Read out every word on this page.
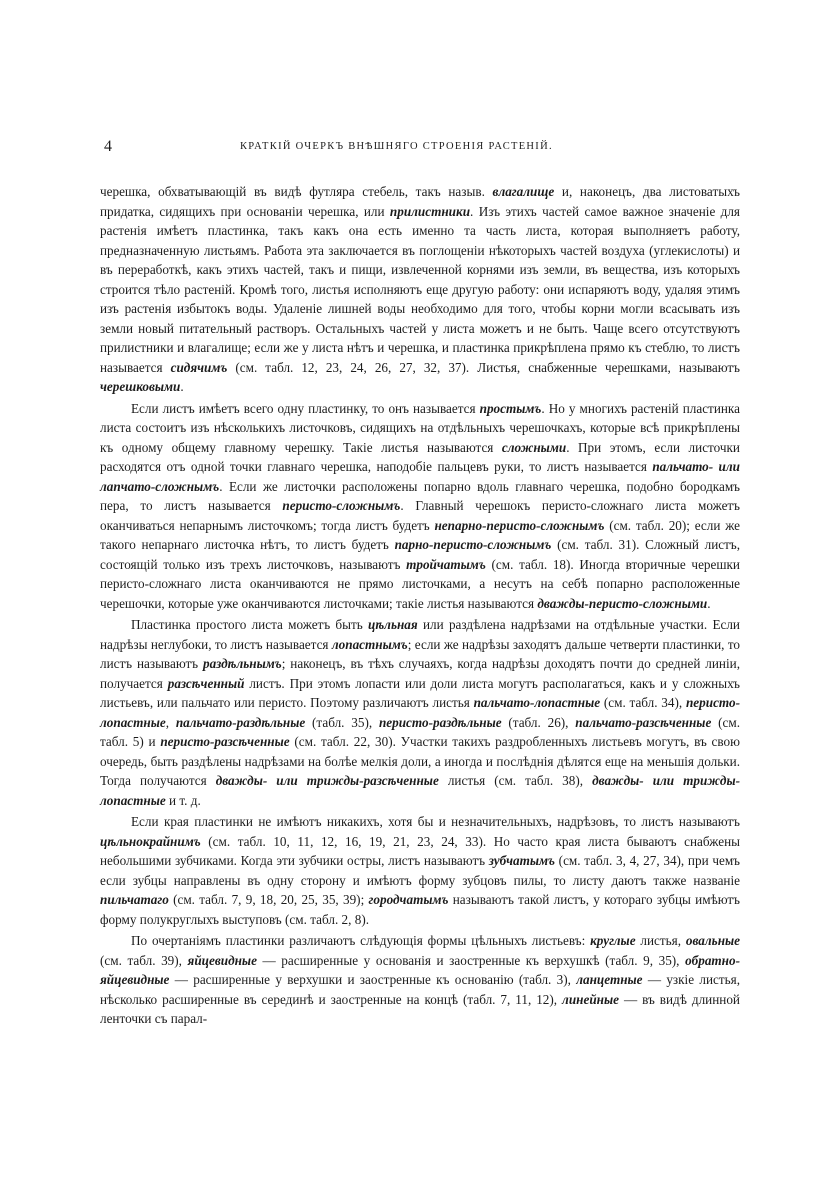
4	КРАТКІЙ ОЧЕРКЪ ВНѢШНЯГО СТРОЕНІЯ РАСТЕНІЙ.

черешка, обхватывающій въ видѣ футляра стебель, такъ назыв. влагалище и, наконецъ, два листоватыхъ придатка, сидящихъ при основаніи черешка, или прилистники. Изъ этихъ частей самое важное значеніе для растенія имѣетъ пластинка, такъ какъ она есть именно та часть листа, которая выполняетъ работу, предназначенную листьямъ. Работа эта заключается въ поглощеніи нѣкоторыхъ частей воздуха (углекислоты) и въ переработкѣ, какъ этихъ частей, такъ и пищи, извлеченной корнями изъ земли, въ вещества, изъ которыхъ строится тѣло растеній. Кромѣ того, листья исполняютъ еще другую работу: они испаряютъ воду, удаляя этимъ изъ растенія избытокъ воды. Удаленіе лишней воды необходимо для того, чтобы корни могли всасывать изъ земли новый питательный растворъ. Остальныхъ частей у листа можетъ и не быть. Чаще всего отсутствуютъ прилистники и влагалище; если же у листа нѣтъ и черешка, и пластинка прикрѣплена прямо къ стеблю, то листъ называется сидячимъ (см. табл. 12, 23, 24, 26, 27, 32, 37). Листья, снабженные черешками, называютъ черешковыми.

Если листъ имѣетъ всего одну пластинку, то онъ называется простымъ. Но у многихъ растеній пластинка листа состоитъ изъ нѣсколькихъ листочковъ, сидящихъ на отдѣльныхъ черешочкахъ, которые всѣ прикрѣплены къ одному общему главному черешку. Такіе листья называются сложными. При этомъ, если листочки расходятся отъ одной точки главнаго черешка, наподобіе пальцевъ руки, то листъ называется пальчато- или лапчато-сложнымъ. Если же листочки расположены попарно вдоль главнаго черешка, подобно бородкамъ пера, то листъ называется перисто-сложнымъ. Главный черешокъ перисто-сложнаго листа можетъ оканчиваться непарнымъ листочкомъ; тогда листъ будетъ непарно-перисто-сложнымъ (см. табл. 20); если же такого непарнаго листочка нѣтъ, то листъ будетъ парно-перисто-сложнымъ (см. табл. 31). Сложный листъ, состоящій только изъ трехъ листочковъ, называютъ тройчатымъ (см. табл. 18). Иногда вторичные черешки перисто-сложнаго листа оканчиваются не прямо листочками, а несутъ на себѣ попарно расположенные черешочки, которые уже оканчиваются листочками; такіе листья называются дважды-перисто-сложными.

Пластинка простого листа можетъ быть цѣльная или раздѣлена надрѣзами на отдѣльные участки. Если надрѣзы неглубоки, то листъ называется лопастнымъ; если же надрѣзы заходятъ дальше четверти пластинки, то листъ называютъ раздѣльнымъ; наконецъ, въ тѣхъ случаяхъ, когда надрѣзы доходятъ почти до средней линіи, получается разсѣченный листъ. При этомъ лопасти или доли листа могутъ располагаться, какъ и у сложныхъ листьевъ, или пальчато или перисто. Поэтому различаютъ листья пальчато-лопастные (см. табл. 34), перисто-лопастные, пальчато-раздѣльные (табл. 35), перисто-раздѣльные (табл. 26), пальчато-разсѣченные (см. табл. 5) и перисто-разсѣченные (см. табл. 22, 30). Участки такихъ раздробленныхъ листьевъ могутъ, въ свою очередь, быть раздѣлены надрѣзами на болѣе мелкія доли, а иногда и послѣднія дѣлятся еще на меньшія дольки. Тогда получаются дважды- или трижды-разсѣченные листья (см. табл. 38), дважды- или трижды-лопастные и т. д.

Если края пластинки не имѣютъ никакихъ, хотя бы и незначительныхъ, надрѣзовъ, то листъ называютъ цѣльнокрайнимъ (см. табл. 10, 11, 12, 16, 19, 21, 23, 24, 33). Но часто края листа бываютъ снабжены небольшими зубчиками. Когда эти зубчики остры, листъ называютъ зубчатымъ (см. табл. 3, 4, 27, 34), при чемъ если зубцы направлены въ одну сторону и имѣютъ форму зубцовъ пилы, то листу даютъ также названіе пильчатаго (см. табл. 7, 9, 18, 20, 25, 35, 39); городчатымъ называютъ такой листъ, у котораго зубцы имѣютъ форму полукруглыхъ выступовъ (см. табл. 2, 8).

По очертаніямъ пластинки различаютъ слѣдующія формы цѣльныхъ листьевъ: круглые листья, овальные (см. табл. 39), яйцевидные — расширенные у основанія и заостренные къ верхушкѣ (табл. 9, 35), обратно-яйцевидные — расширенные у верхушки и заостренные къ основанію (табл. 3), ланцетные — узкіе листья, нѣсколько расширенные въ серединѣ и заостренные на концѣ (табл. 7, 11, 12), линейные — въ видѣ длинной ленточки съ парал-
